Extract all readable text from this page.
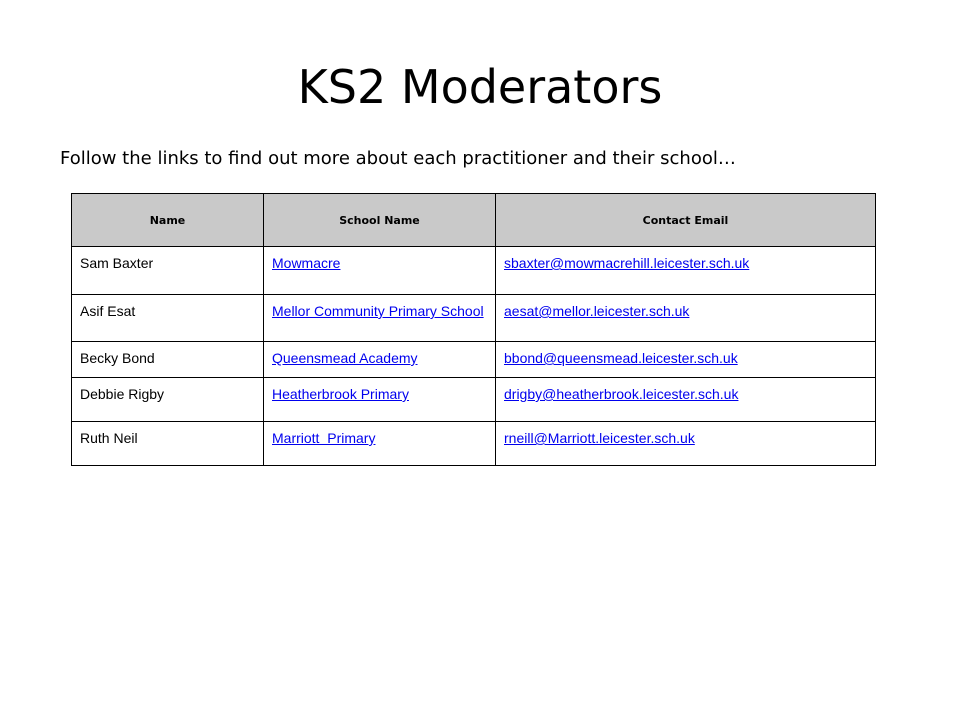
KS2 Moderators
Follow the links to find out more about each practitioner and their school…
Name	School Name	Contact Email
Sam Baxter	Mowmacre	sbaxter@mowmacrehill.leicester.sch.uk
Asif Esat	Mellor Community Primary School	aesat@mellor.leicester.sch.uk
Becky Bond	Queensmead Academy	bbond@queensmead.leicester.sch.uk
Debbie Rigby	Heatherbrook Primary	drigby@heatherbrook.leicester.sch.uk
Ruth Neil	Marriott  Primary	rneill@Marriott.leicester.sch.uk
